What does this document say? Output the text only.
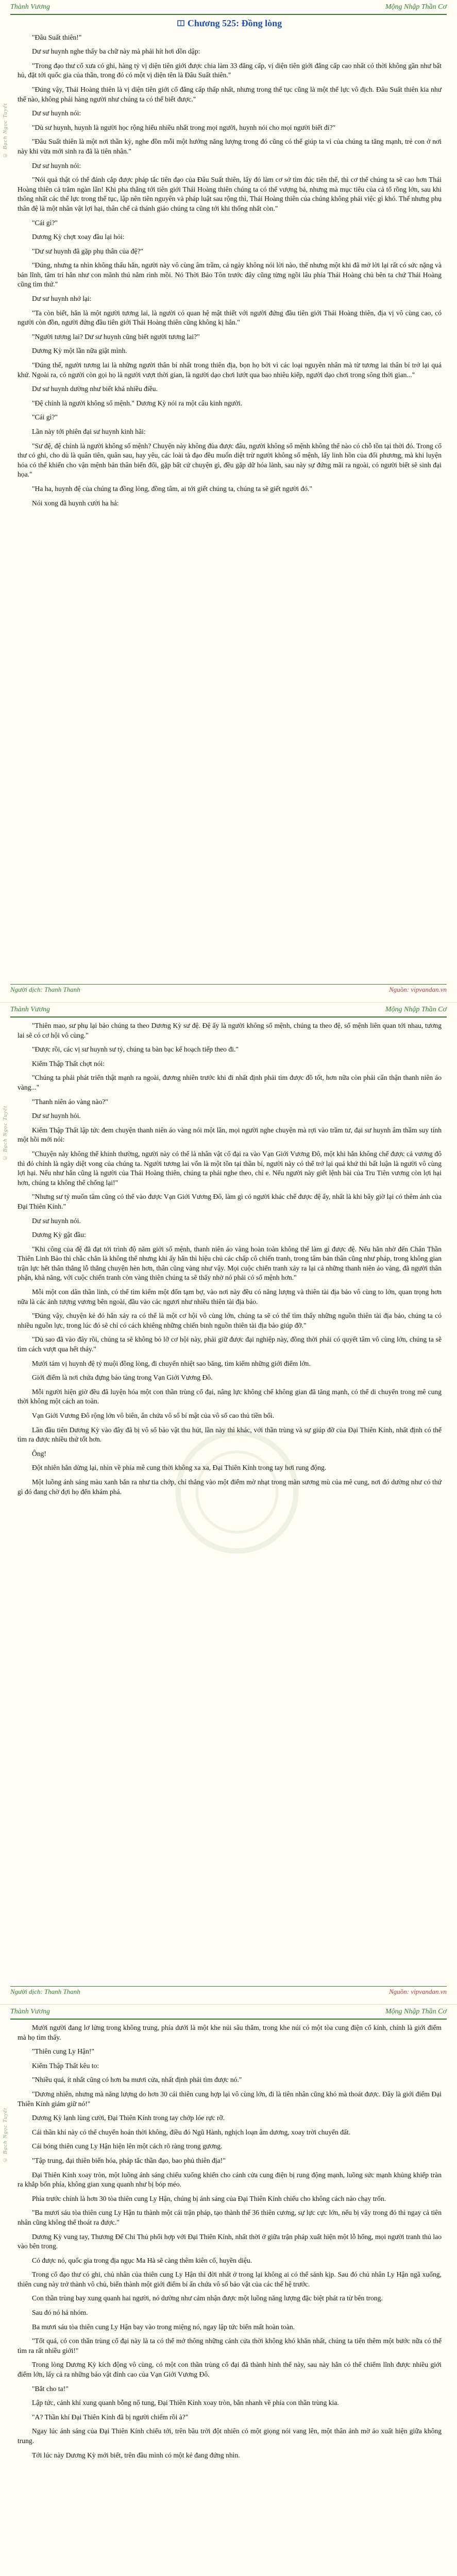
Thành Vương	Mộng Nhập Thần Cơ
© Bạch Ngọc Tuyết

Chương 525: Đồng lòng

"Đâu Suất thiên!"

Dư sư huynh nghe thấy ba chữ này mà phải hít hơi dồn dập:

"Trong đạo thư cổ xưa có ghi, hàng tỷ vị diện tiên giới được chia làm 33 đẳng cấp, vị diện tiên giới đẳng cấp cao nhất có thời không gần như bất hủ, đặt tới quốc gia của thần, trong đó có một vị diện tên là Đâu Suất thiên."

"Đúng vậy, Thái Hoàng thiên là vị diện tiên giới cổ đẳng cấp thấp nhất, nhưng trong thế tục cũng là một thế lực vô địch. Đâu Suất thiên kia như thế nào, không phải hàng người như chúng ta có thể biết được."

Dư sư huynh nói:

"Dù sư huynh, huynh là người học rộng hiểu nhiều nhất trong mọi người, huynh nói cho mọi người biết đi?"

"Đâu Suất thiên là một nơi thần kỳ, nghe đồn mỗi một hướng năng lượng trong đó cũng có thể giúp ta vì của chúng ta tăng mạnh, trẻ con ở nơi này khi vừa mới sinh ra đã là tiên nhân."

Dư sư huynh nói:

"Nói quả thật có thể đánh cắp được pháp tắc tiên đạo của Đâu Suất thiên, lấy đó làm cơ sở tìm đúc tiên thể, thì cơ thể chúng ta sẽ cao hơn Thái Hoàng thiên cả trăm ngàn lần! Khi pha thẳng tới tiên giới Thái Hoàng thiên chúng ta có thể vượng bá, nhưng mà mục tiêu của cả tổ rồng lớn, sau khi thông nhất các thế lực trong thế tục, lập nên tiên nguyên và pháp luật sau rộng thì, Thái Hoàng thiên của chúng không phải việc gì khó. Thế nhưng phụ thân đệ là một nhân vật lợi hại, thân chế cả thánh giáo chúng ta cũng tới khi thống nhất còn."

"Cái gì?"

Dương Kỳ chợt xoay đầu lại hỏi:

"Dư sư huynh đã gặp phụ thân của đệ?"

"Đúng, nhưng ta nhìn không thấu hắn, người này vô cùng âm trầm, cả ngày không nói lời nào, thế nhưng một khi đã mở lời lại rất có sức nặng và bản lĩnh, tâm trí hắn như con mãnh thú nằm rình mồi. Nó Thời Bảo Tôn trước đây cũng từng ngồi lâu phía Thái Hoàng chủ bên ta chứ Thái Hoàng cũng tìm thứ."

Dư sư huynh nhớ lại:

"Ta còn biết, hắn là một người tương lai, là người có quan hệ mật thiết với người đứng đầu tiên giới Thái Hoàng thiên, địa vị vô cùng cao, có người còn đồn, người đứng đầu tiên giới Thái Hoàng thiên cũng không kị hắn."

"Người tương lai? Dư sư huynh cũng biết người tương lai?"

Dương Kỳ một lần nữa giật mình.

"Đúng thế, người tương lai là những người thân bí nhất trong thiên địa, bọn họ bởi vì các loại nguyên nhân mà từ tương lai thân bí trở lại quá khứ. Ngoài ra, có người còn gọi họ là người vượt thời gian, là người dạo chơi lướt qua bao nhiêu kiếp, người dạo chơi trong sông thời gian..."

Dư sư huynh dường như biết khá nhiều điều.

"Đệ chính là người không số mệnh." Dương Kỳ nói ra một câu kinh người.

"Cái gì?"

Lần này tới phiên đại sư huynh kinh hãi:

"Sư đệ, đệ chính là người không số mệnh? Chuyện này không đùa được đâu, người không số mệnh không thể nào có chỗ tồn tại thời đó. Trong cổ thư có ghi, cho dù là quân tiên, quân sau, hay yêu, các loài tà đạo đều muốn diệt trừ người không số mệnh, lấy linh hồn của đối phương, mà khi luyện hóa có thể khiến cho vận mệnh bản thân biến đổi, gặp bất cứ chuyện gì, đều gặp dữ hóa lành, sau này sự đứng mãi ra ngoài, có người biết sẽ sinh đại họa."

"Ha ha, huynh đệ của chúng ta đồng lòng, đồng tâm, ai tới giết chúng ta, chúng ta sẽ giết người đó."

Nói xong đã huynh cười ha hả:

Người dịch: Thanh Thanh	Nguồn: vipvandan.vn
Thành Vương	Mộng Nhập Thần Cơ
© Bạch Ngọc Tuyết

"Thiên mao, sư phụ lại bảo chúng ta theo Dương Kỳ sư đệ. Đệ ấy là người không số mệnh, chúng ta theo đệ, số mệnh liên quan tới nhau, tương lai sẽ có cơ hội vô cùng."

"Được rồi, các vị sư huynh sư tỷ, chúng ta bàn bạc kế hoạch tiếp theo đi."

Kiếm Thập Thất chợt nói:

"Chúng ta phải phát triển thật mạnh ra ngoài, đương nhiên trước khi đi nhất định phải tìm được đồ tốt, hơn nữa còn phải cẩn thận thanh niên áo vàng..."

"Thanh niên áo vàng nào?"

Dư sư huynh hỏi.

Kiếm Thập Thất lập tức đem chuyện thanh niên áo vàng nói một lần, mọi người nghe chuyện mà rợi vào trầm tư, đại sư huynh âm thầm suy tính một hồi mới nói:

"Chuyện này không thể khinh thường, người này có thể là nhân vật cổ đại ra vào Vạn Giới Vương Đô, một khi hắn không chế được cả vương đô thì đó chính là ngày diệt vong của chúng ta. Người tương lai vốn là một tồn tại thần bí, người này có thể trở lại quá khứ thì bất luận là người vô cùng lợi hại. Nếu như hắn cũng là người của Thái Hoàng thiên, chúng ta phải nghe theo, chỉ e. Nếu người này giết lệnh bài của Tru Tiên vương còn lợi hại hơn, chúng ta không thể chống lại!"

"Nhưng sư tỷ muốn tâm cũng có thể vào được Vạn Giới Vương Đô, làm gì có người khác chế được đệ ấy, nhất là khi bây giờ lại có thêm ảnh của Đại Thiên Kính."

Dư sư huynh nói.

Dương Kỳ gật đầu:

"Khi công của đệ đã đạt tới trình độ năm giới số mệnh, thanh niên áo vàng hoàn toàn không thể làm gì được đệ. Nếu hắn nhờ đến Chân Thần Thiên Linh Bảo thì chắc chắn là không thể nhưng khi ấy hắn thì hiệu chủ các chấp cô chiến tranh, trong tâm bản thân cũng như pháp, trong không gian trận lực hết thân thẳng lỗ thẳng chuyện hèn hơn, thân cũng vàng như vậy. Mọi cuộc chiến tranh xảy ra lại cả những thanh niên áo vàng, đã người thân phận, khả năng, với cuộc chiến tranh còn vàng thiên chúng ta sẽ thấy nhờ nó phải có số mệnh hơn."

Mỗi một con dân thần linh, có thể tìm kiếm một đốn tạm bợ, vào nơi này đều có năng lượng và thiên tài địa bảo vô cùng to lớn, quan trọng hơn nữa là các ảnh tượng vương bên ngoài, đầu vào các ngươi như nhiều thiên tài địa bảo.

"Đúng vậy, chuyện kẻ đó hắn xảy ra có thể là một cơ hội vô cùng lớn, chúng ta sẽ có thể tìm thấy những nguồn thiên tài địa bảo, chúng ta có nhiều nguồn lực, trong lúc đó sẽ chỉ có cách khiêng những chiến binh nguồn thiên tài địa bảo giúp đỡ."

"Dù sao đã vào đây rồi, chúng ta sẽ không bỏ lỡ cơ hội này, phải giữ được đại nghiệp này, đồng thời phải có quyết tâm vô cùng lớn, chúng ta sẽ tìm cách vượt qua hết thảy."

Mười tám vị huynh đệ tỷ muội đồng lòng, đi chuyến nhiệt sao băng, tìm kiếm những giới điểm lớn.

Giới điểm là nơi chứa đựng bảo tàng trong Vạn Giới Vương Đô.

Mỗi người hiện giờ đều đã luyện hóa một con thần trùng cổ đại, nâng lực không chế không gian đã tăng mạnh, có thể di chuyển trong mê cung thời không một cách an toàn.

Vạn Giới Vương Đô rộng lớn vô biên, ẩn chứa vô số bí mật của vô số cao thủ tiền bối.

Lần đầu tiên Dương Kỳ vào đây đã bị vô số bảo vật thu hút, lần này thì khác, với thần trùng và sự giúp đỡ của Đại Thiên Kính, nhất định có thể tìm ra được nhiều thứ tốt hơn.

Ông!

Đột nhiên hắn dừng lại, nhìn về phía mê cung thời không xa xa, Đại Thiên Kính trong tay hơi rung động.

Một luồng ánh sáng màu xanh bắn ra như tia chớp, chỉ thẳng vào một điểm mờ nhạt trong màn sương mù của mê cung, nơi đó dường như có thứ gì đó đang chờ đợi họ đến khám phá.

Người dịch: Thanh Thanh	Nguồn: vipvandan.vn
Thành Vương	Mộng Nhập Thần Cơ
© Bạch Ngọc Tuyết

Mười người đang lơ lửng trong không trung, phía dưới là một khe núi sâu thẳm, trong khe núi có một tòa cung điện cổ kính, chính là giới điểm mà họ tìm thấy.

"Thiên cung Ly Hận!"

Kiếm Thập Thất kêu to:

"Nhiều quá, ít nhất cũng có hơn ba mươi cửa, nhất định phải tìm được nó."

"Dương nhiên, nhưng mà năng lượng do hơn 30 cái thiên cung hợp lại vô cùng lớn, đi là tiên nhân cũng khó mà thoát được. Đây là giới điểm Đại Thiên Kính giám giữ nó!"

Dương Kỳ lạnh lùng cười, Đại Thiên Kính trong tay chớp lóe rực rỡ.

Cái thần khí này có thể chuyển hoán thời không, điều đó Ngũ Hành, nghịch loạn âm dương, xoay trời chuyển đất.

Cái bóng thiên cung Ly Hận hiện lên một cách rõ ràng trong gương.

"Tập trung, đại thiên biến hóa, pháp tắc thần đạo, bao phủ thiên địa!"

Đại Thiên Kính xoay tròn, một luồng ánh sáng chiếu xuống khiến cho cánh cửa cung điện bị rung động mạnh, luồng sức mạnh khủng khiếp tràn ra khắp bốn phía, không gian xung quanh như bị bóp méo.

Phía trước chính là hơn 30 tòa thiên cung Ly Hận, chúng bị ánh sáng của Đại Thiên Kính chiếu cho không cách nào chạy trốn.

"Ba mươi sáu tòa thiên cung Ly Hận tu thành một cái trận pháp, tạo thành thế 36 thiên cương, sự lực cực lớn, nếu bị vây trong đó thì ngay cả tiên nhân cũng không thể thoát ra được."

Dương Kỳ vung tay, Thương Đế Chi Thủ phối hợp với Đại Thiên Kính, nhất thời ở giữa trận pháp xuất hiện một lỗ hổng, mọi người tranh thủ lao vào bên trong.

Có được nó, quốc gia trong địa ngục Ma Hà sẽ càng thêm kiên cố, huyền diệu.

Trong cổ đạo thư có ghi, chủ nhân của thiên cung Ly Hận thì đời nhất ở trong lại không ai có thể sánh kịp. Sau đó chủ nhân Ly Hận ngã xuống, thiên cung này trở thành vô chủ, biến thành một giới điểm bí ẩn chứa vô số bảo vật của các thế hệ trước.

Con thần trùng bay xung quanh hai người, nó dường như cảm nhận được một luồng năng lượng đặc biệt phát ra từ bên trong.

Sau đó nó hả nhóm.

Ba mươi sáu tòa thiên cung Ly Hận bay vào trong miệng nó, ngay lập tức biến mất hoàn toàn.

"Tốt quá, có con thần trùng cổ đại này là ta có thể mở thông những cánh cửa thời không khó khăn nhất, chúng ta tiến thêm một bước nữa có thể tìm ra rất nhiều giới!"

Trong lòng Dương Kỳ kích động vô cùng, có một con thần trùng cổ đại đã thành hình thế này, sau này hắn có thể chiếm lĩnh được nhiều giới điểm lớn, lấy cả ra những bảo vật đỉnh cao của Vạn Giới Vương Đô.

"Bắt cho ta!"

Lập tức, cảnh khí xung quanh bỗng nổ tung, Đại Thiên Kính xoay tròn, bắn nhanh về phía con thần trùng kia.

"A? Thần khí Đại Thiên Kính đã bị người chiếm rồi à?"

Ngay lúc ánh sáng của Đại Thiên Kính chiếu tới, trên bầu trời đột nhiên có một giọng nói vang lên, một thân ảnh mờ ảo xuất hiện giữa không trung.

Tới lúc này Dương Kỳ mới biết, trên đầu mình có một kẻ đang đứng nhìn.
